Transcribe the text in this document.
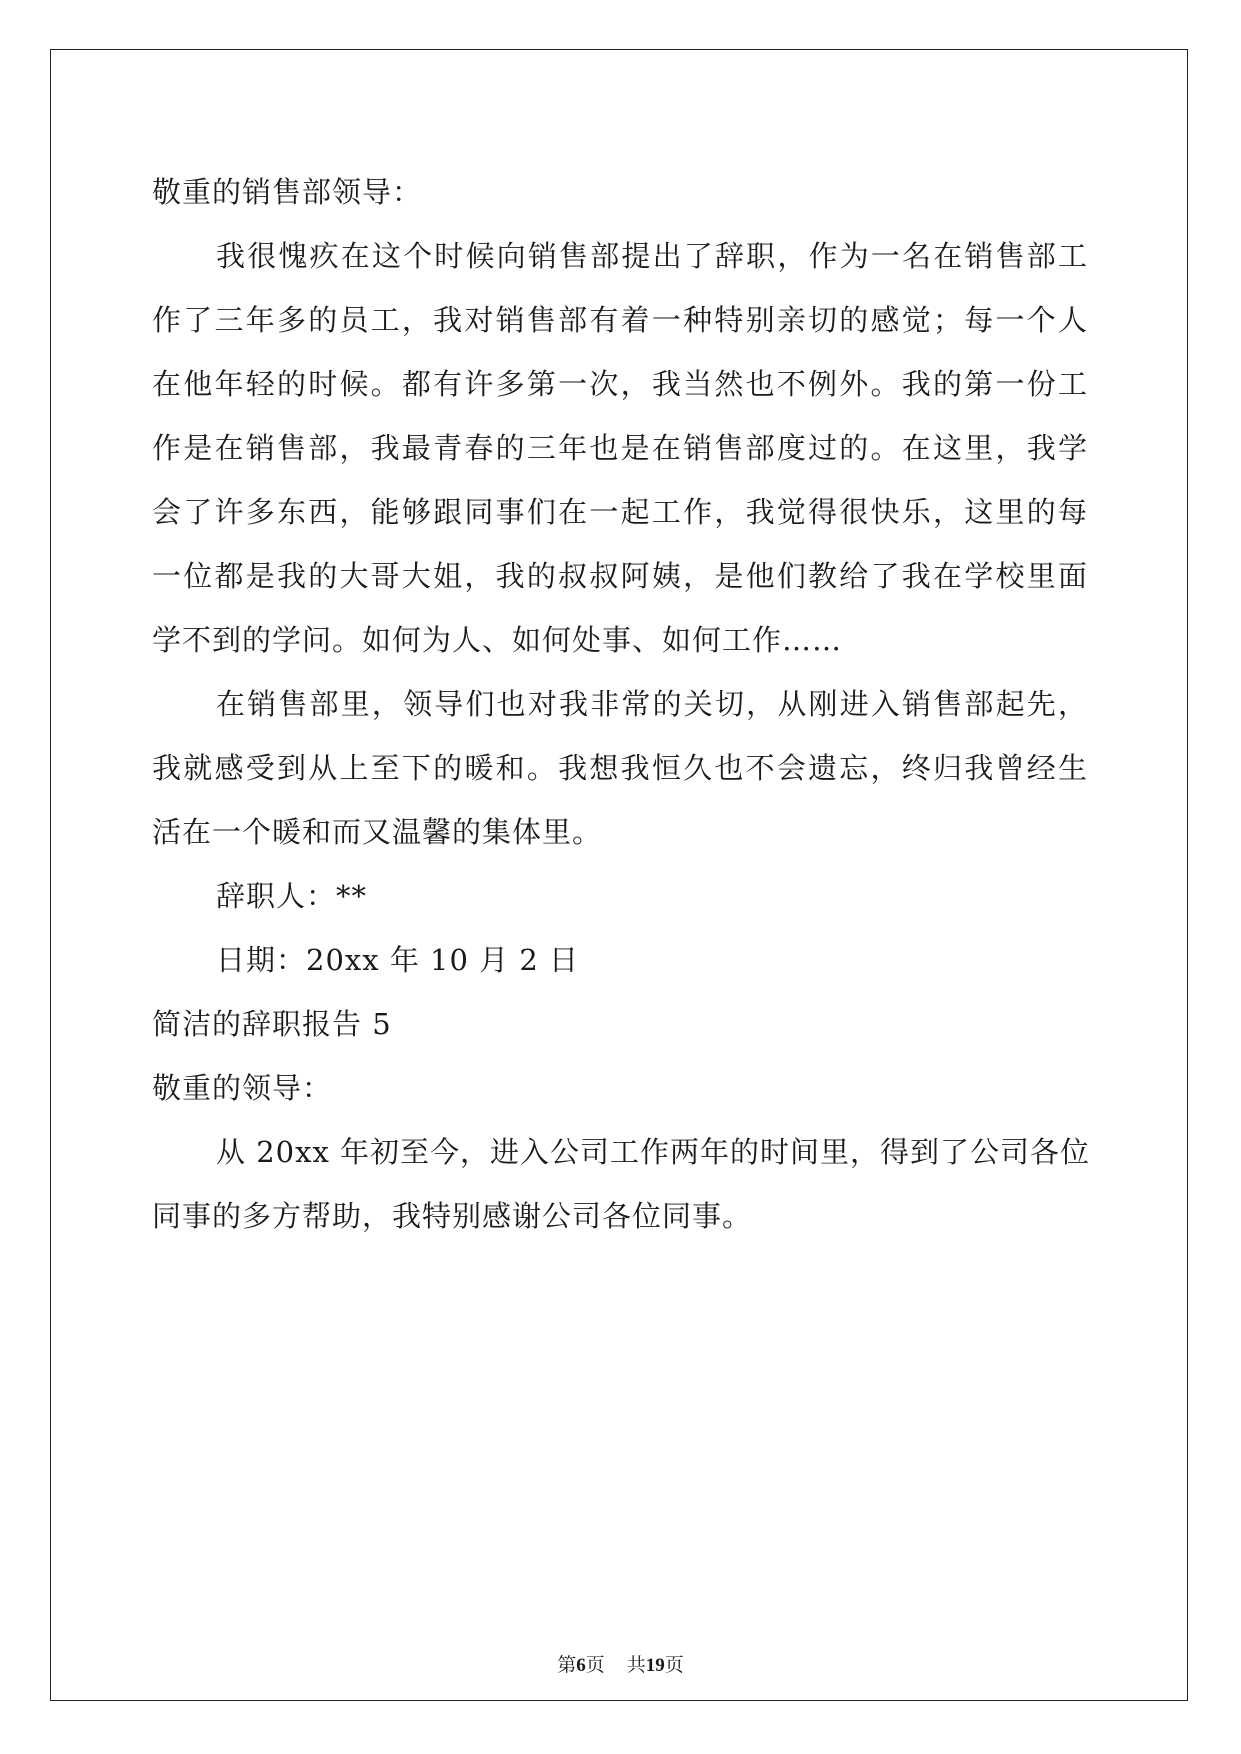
敬重的销售部领导：
我很愧疚在这个时候向销售部提出了辞职，作为一名在销售部工
作了三年多的员工，我对销售部有着一种特别亲切的感觉；每一个人
在他年轻的时候。都有许多第一次，我当然也不例外。我的第一份工
作是在销售部，我最青春的三年也是在销售部度过的。在这里，我学
会了许多东西，能够跟同事们在一起工作，我觉得很快乐，这里的每
一位都是我的大哥大姐，我的叔叔阿姨，是他们教给了我在学校里面
学不到的学问。如何为人、如何处事、如何工作……
在销售部里，领导们也对我非常的关切，从刚进入销售部起先，
我就感受到从上至下的暖和。我想我恒久也不会遗忘，终归我曾经生
活在一个暖和而又温馨的集体里。
辞职人：**
日期：20xx 年 10 月 2 日
简洁的辞职报告 5
敬重的领导：
从 20xx 年初至今，进入公司工作两年的时间里，得到了公司各位
同事的多方帮助，我特别感谢公司各位同事。
第6页 共19页
